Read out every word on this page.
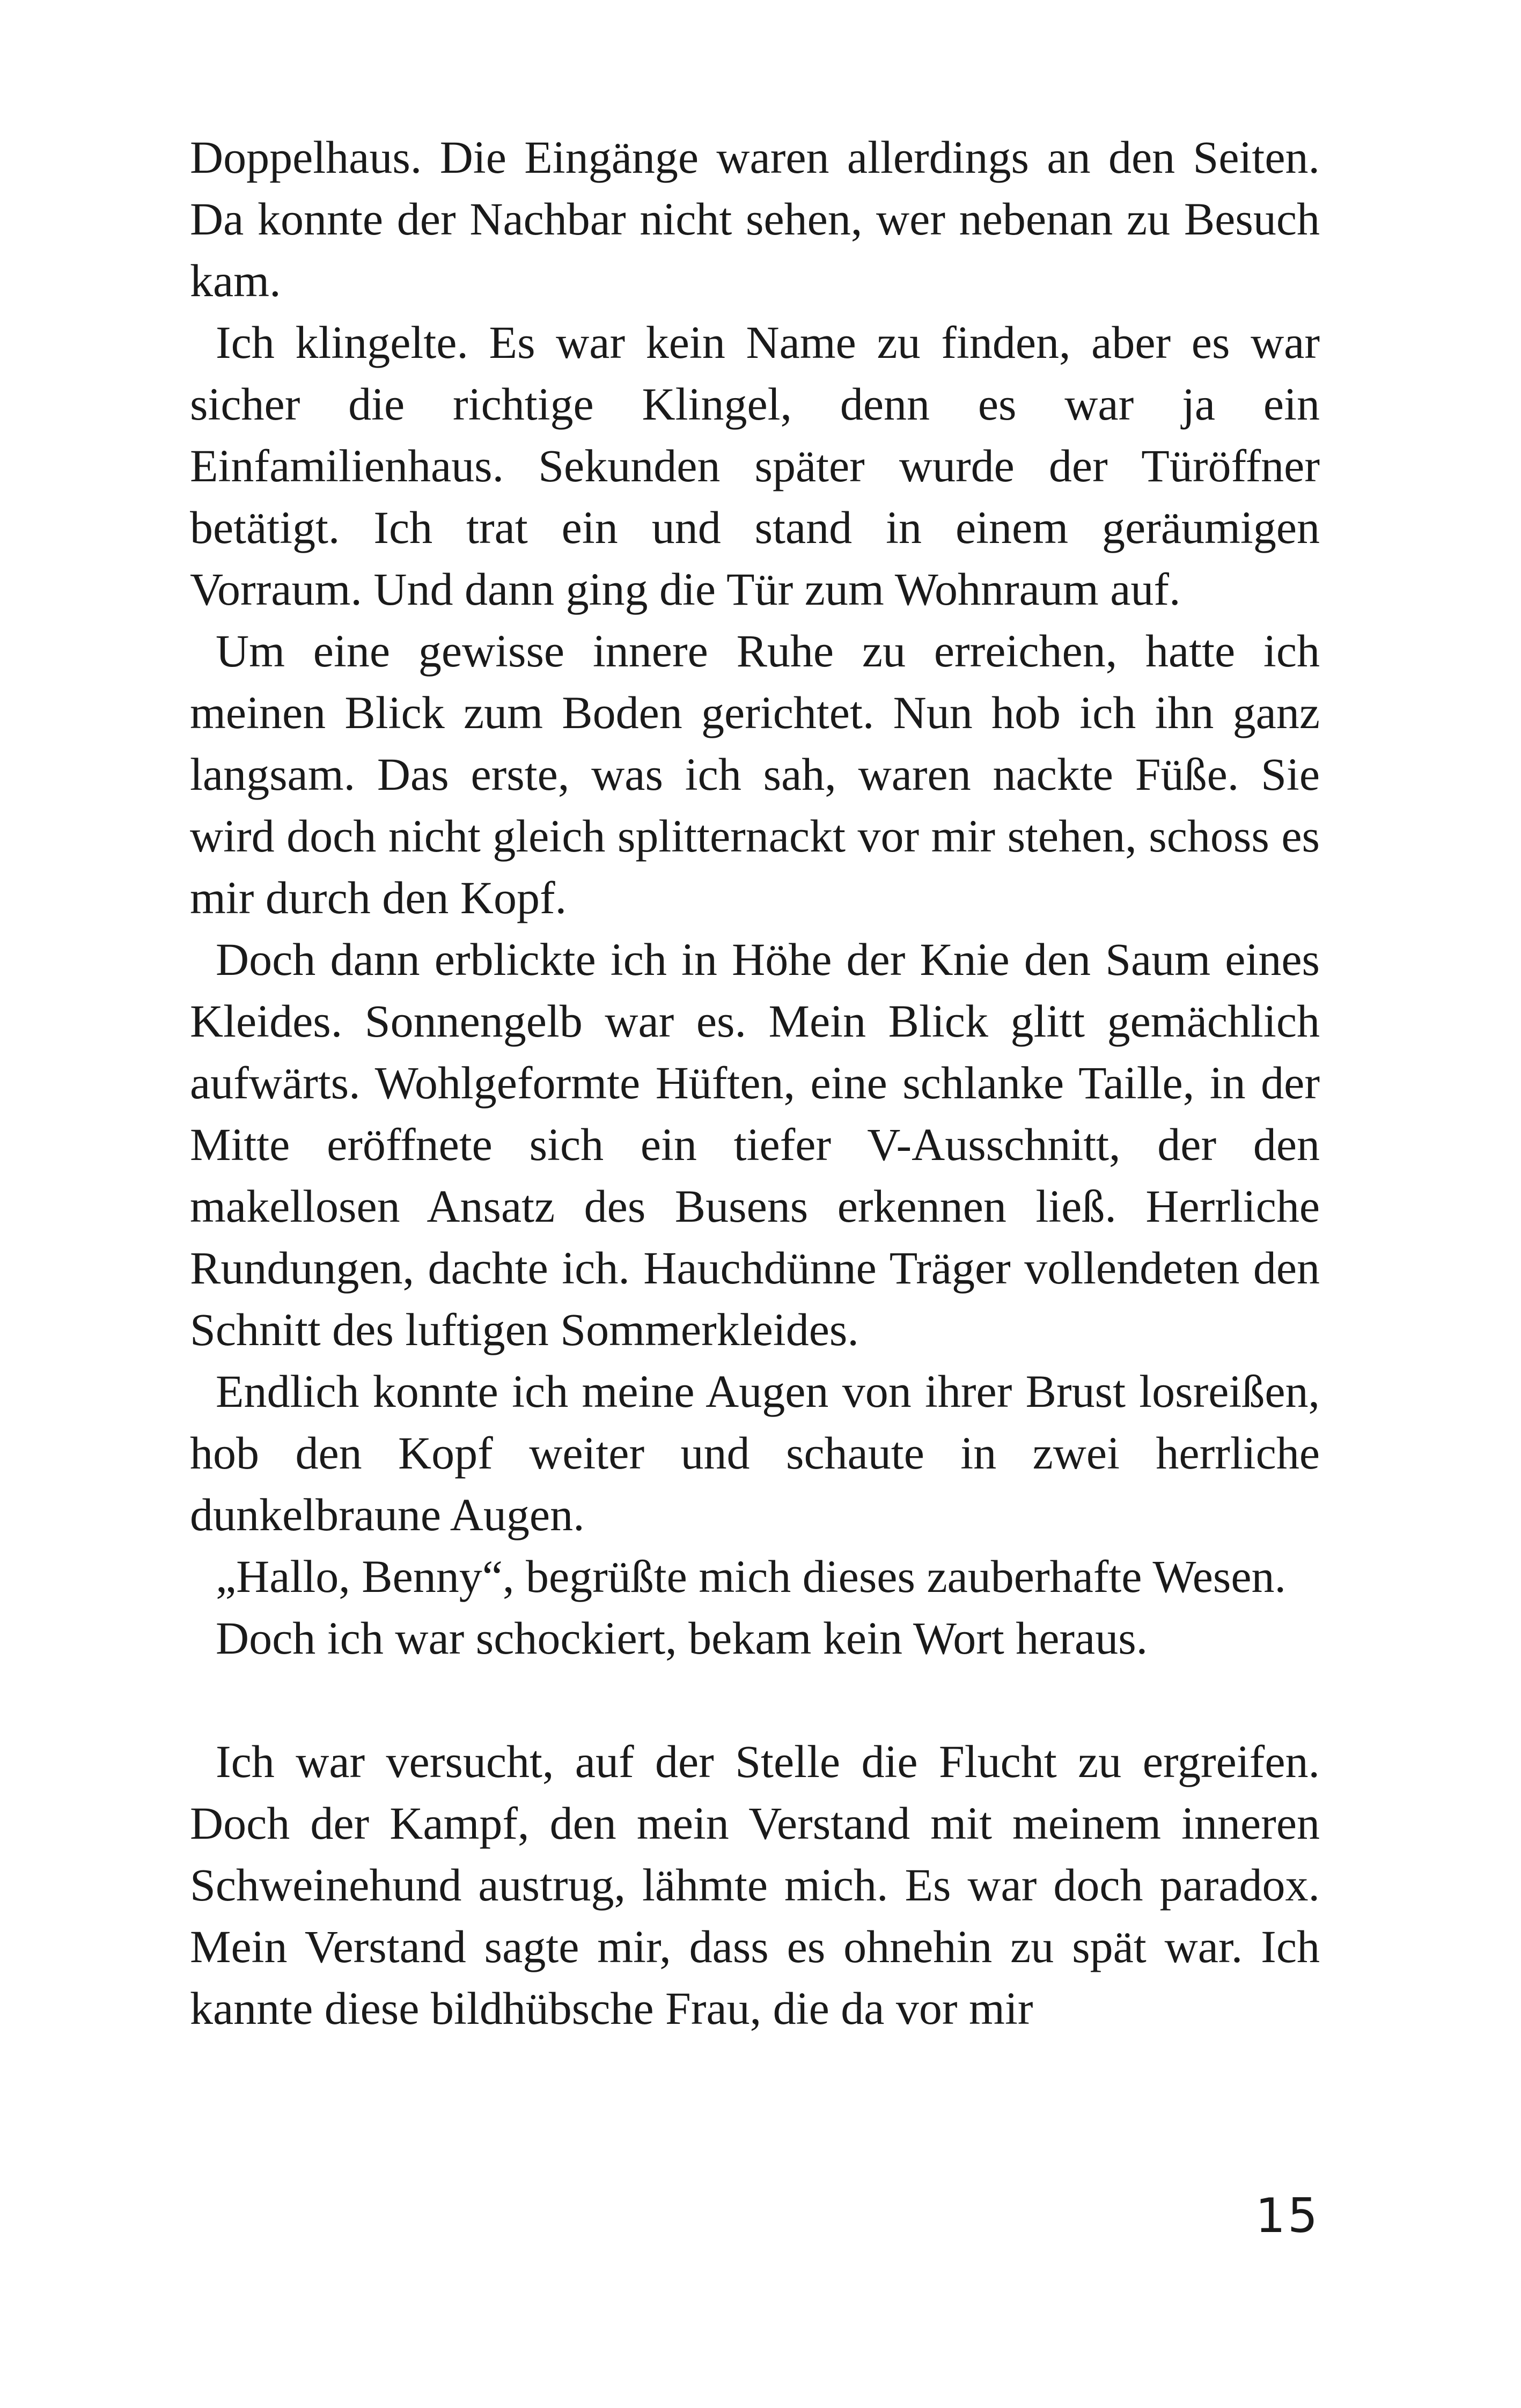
Doppelhaus. Die Eingänge waren allerdings an den Seiten. Da konnte der Nachbar nicht sehen, wer nebenan zu Besuch kam.

Ich klingelte. Es war kein Name zu finden, aber es war sicher die richtige Klingel, denn es war ja ein Einfamilienhaus. Sekunden später wurde der Türöffner betätigt. Ich trat ein und stand in einem geräumigen Vorraum. Und dann ging die Tür zum Wohnraum auf.

Um eine gewisse innere Ruhe zu erreichen, hatte ich meinen Blick zum Boden gerichtet. Nun hob ich ihn ganz langsam. Das erste, was ich sah, waren nackte Füße. Sie wird doch nicht gleich splitternackt vor mir stehen, schoss es mir durch den Kopf.

Doch dann erblickte ich in Höhe der Knie den Saum eines Kleides. Sonnengelb war es. Mein Blick glitt gemächlich aufwärts. Wohlgeformte Hüften, eine schlanke Taille, in der Mitte eröffnete sich ein tiefer V-Ausschnitt, der den makellosen Ansatz des Busens erkennen ließ. Herrliche Rundungen, dachte ich. Hauchdünne Träger vollendeten den Schnitt des luftigen Sommerkleides.

Endlich konnte ich meine Augen von ihrer Brust losreißen, hob den Kopf weiter und schaute in zwei herrliche dunkelbraune Augen.

„Hallo, Benny“, begrüßte mich dieses zauberhafte Wesen.

Doch ich war schockiert, bekam kein Wort heraus.

Ich war versucht, auf der Stelle die Flucht zu ergreifen. Doch der Kampf, den mein Verstand mit meinem inneren Schweinehund austrug, lähmte mich. Es war doch paradox. Mein Verstand sagte mir, dass es ohnehin zu spät war. Ich kannte diese bildhübsche Frau, die da vor mir

15
